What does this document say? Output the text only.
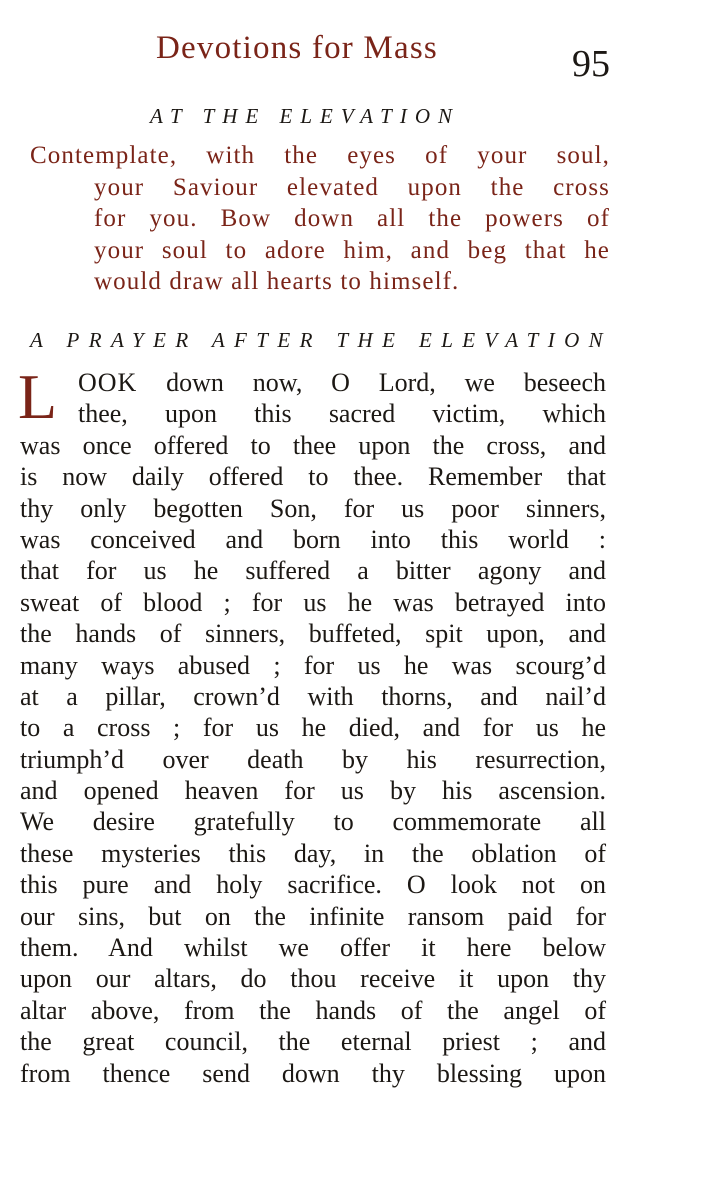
Devotions for Mass	95
AT THE ELEVATION
Contemplate, with the eyes of your soul,
your Saviour elevated upon the cross
for you. Bow down all the powers of
your soul to adore him, and beg that he
would draw all hearts to himself.
A PRAYER AFTER THE ELEVATION
L OOK down now, O Lord, we beseech
thee, upon this sacred victim, which
was once offered to thee upon the cross, and
is now daily offered to thee. Remember that
thy only begotten Son, for us poor sinners,
was conceived and born into this world :
that for us he suffered a bitter agony and
sweat of blood ; for us he was betrayed into
the hands of sinners, buffeted, spit upon, and
many ways abused ; for us he was scourg’d
at a pillar, crown’d with thorns, and nail’d
to a cross ; for us he died, and for us he
triumph’d over death by his resurrection,
and opened heaven for us by his ascension.
We desire gratefully to commemorate all
these mysteries this day, in the oblation of
this pure and holy sacrifice. O look not on
our sins, but on the infinite ransom paid for
them. And whilst we offer it here below
upon our altars, do thou receive it upon thy
altar above, from the hands of the angel of
the great council, the eternal priest ; and
from thence send down thy blessing upon
